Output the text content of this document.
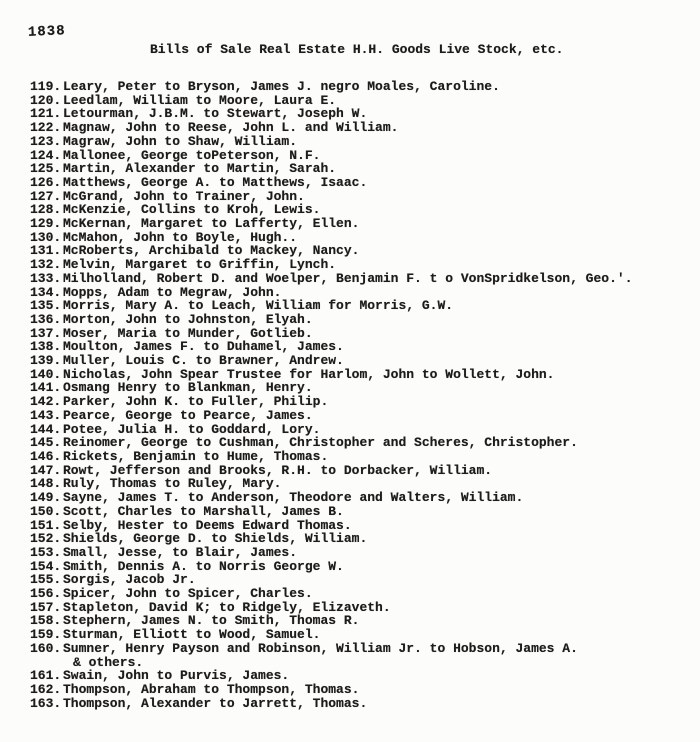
1838
Bills of Sale Real Estate H.H. Goods Live Stock, etc.
119. Leary, Peter to Bryson, James J. negro Moales, Caroline.
120. Leedlam, William to Moore, Laura E.
121. Letourman, J.B.M. to Stewart, Joseph W.
122. Magnaw, John to Reese, John L. and William.
123. Magraw, John to Shaw, William.
124. Mallonee, George toPeterson, N.F.
125. Martin, Alexander to Martin, Sarah.
126. Matthews, George A. to Matthews, Isaac.
127. McGrand, John to Trainer, John.
128. McKenzie, Collins to Kroh, Lewis.
129. McKernan, Margaret to Lafferty, Ellen.
130. McMahon, John to Boyle, Hugh..
131. McRoberts, Archibald to Mackey, Nancy.
132. Melvin, Margaret to Griffin, Lynch.
133. Milholland, Robert D. and Woelper, Benjamin F. t o VonSpridkelson, Geo.'.
134. Mopps, Adam to Megraw, John.
135. Morris, Mary A. to Leach, William for Morris, G.W.
136. Morton, John to Johnston, Elyah.
137. Moser, Maria to Munder, Gotlieb.
138. Moulton, James F. to Duhamel, James.
139. Muller, Louis C. to Brawner, Andrew.
140. Nicholas, John Spear Trustee for Harlom, John to Wollett, John.
141. Osmang Henry to Blankman, Henry.
142. Parker, John K. to Fuller, Philip.
143. Pearce, George to Pearce, James.
144. Potee, Julia H. to Goddard, Lory.
145. Reinomer, George to Cushman, Christopher and Scheres, Christopher.
146. Rickets, Benjamin to Hume, Thomas.
147. Rowt, Jefferson and Brooks, R.H. to Dorbacker, William.
148. Ruly, Thomas to Ruley, Mary.
149. Sayne, James T. to Anderson, Theodore and Walters, William.
150. Scott, Charles to Marshall, James B.
151. Selby, Hester to Deems Edward Thomas.
152. Shields, George D. to Shields, William.
153. Small, Jesse, to Blair, James.
154. Smith, Dennis A. to Norris George W.
155. Sorgis, Jacob Jr.
156. Spicer, John to Spicer, Charles.
157. Stapleton, David K; to Ridgely, Elizaveth.
158. Stephern, James N. to Smith, Thomas R.
159. Sturman, Elliott to Wood, Samuel.
160. Sumner, Henry Payson and Robinson, William Jr. to Hobson, James A.
& others.
161. Swain, John to Purvis, James.
162. Thompson, Abraham to Thompson, Thomas.
163. Thompson, Alexander to Jarrett, Thomas.
